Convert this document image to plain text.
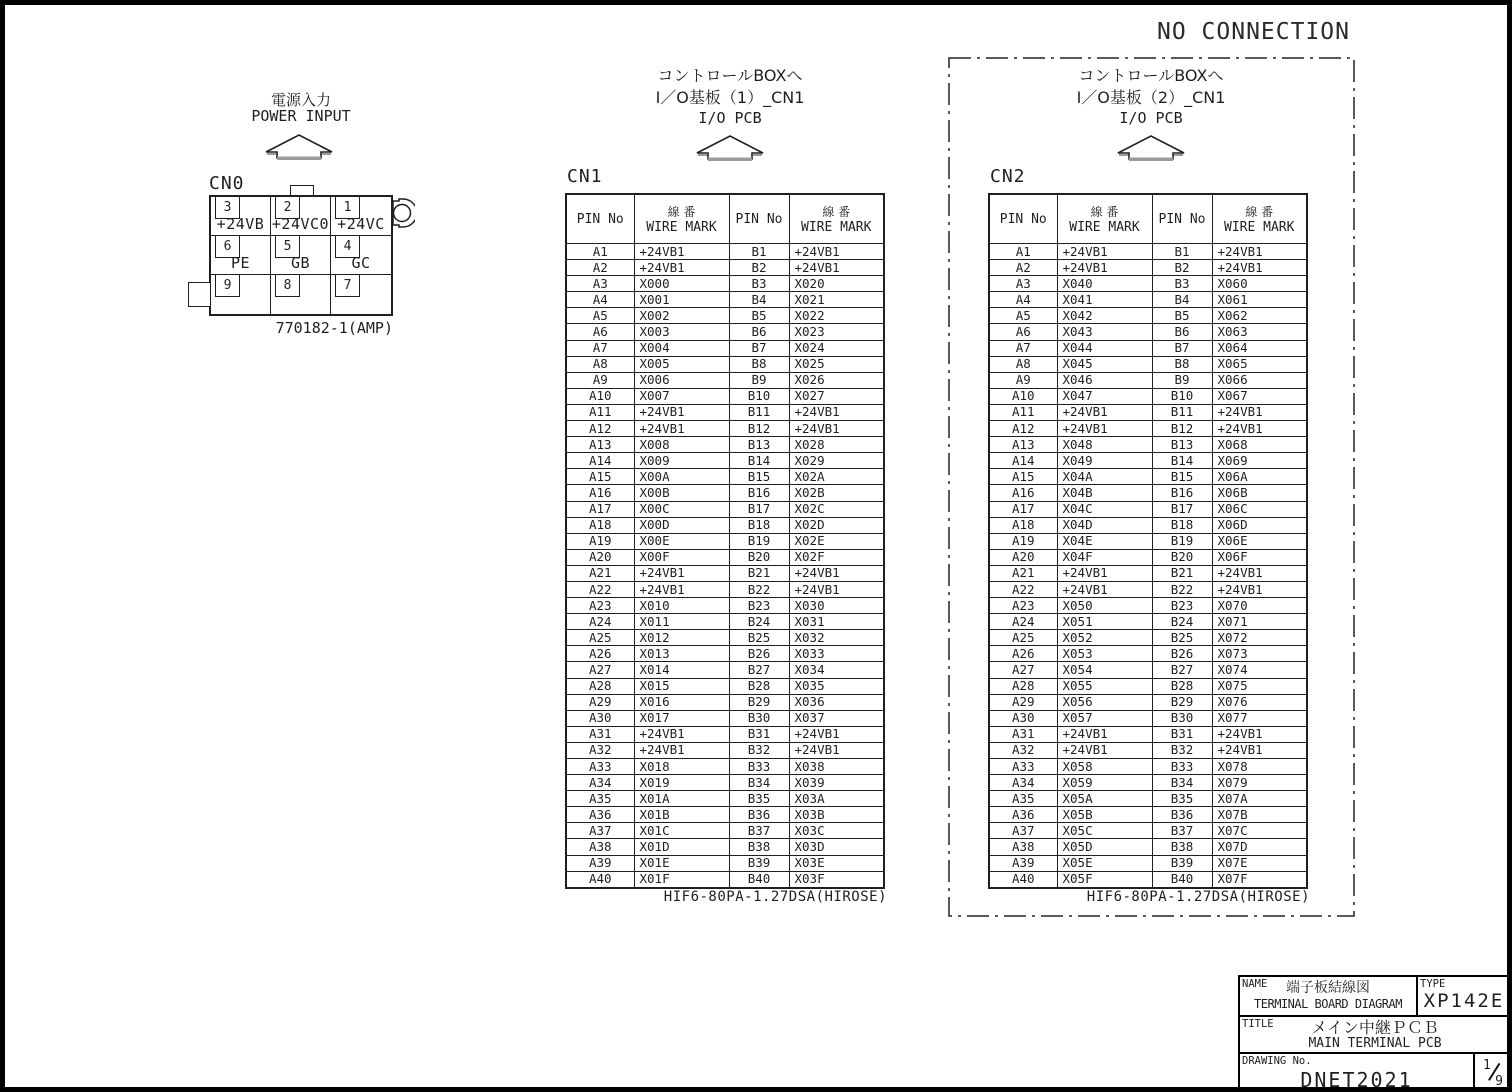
NO CONNECTION
電源入力
POWER INPUT
CN0
3
+24VB
2
+24VC0
1
+24VC
6
PE
5
GB
4
GC
9	8	7
770182-1(AMP)
コントロールBOXへ
I／O基板（1）_CN1
I/O PCB
CN1
PIN No	線 番
WIRE MARK	PIN No	線 番
WIRE MARK

A1	+24VB1	B1	+24VB1
A2	+24VB1	B2	+24VB1
A3	X000	B3	X020
A4	X001	B4	X021
A5	X002	B5	X022
A6	X003	B6	X023
A7	X004	B7	X024
A8	X005	B8	X025
A9	X006	B9	X026
A10	X007	B10	X027
A11	+24VB1	B11	+24VB1
A12	+24VB1	B12	+24VB1
A13	X008	B13	X028
A14	X009	B14	X029
A15	X00A	B15	X02A
A16	X00B	B16	X02B
A17	X00C	B17	X02C
A18	X00D	B18	X02D
A19	X00E	B19	X02E
A20	X00F	B20	X02F
A21	+24VB1	B21	+24VB1
A22	+24VB1	B22	+24VB1
A23	X010	B23	X030
A24	X011	B24	X031
A25	X012	B25	X032
A26	X013	B26	X033
A27	X014	B27	X034
A28	X015	B28	X035
A29	X016	B29	X036
A30	X017	B30	X037
A31	+24VB1	B31	+24VB1
A32	+24VB1	B32	+24VB1
A33	X018	B33	X038
A34	X019	B34	X039
A35	X01A	B35	X03A
A36	X01B	B36	X03B
A37	X01C	B37	X03C
A38	X01D	B38	X03D
A39	X01E	B39	X03E
A40	X01F	B40	X03F
HIF6-80PA-1.27DSA(HIROSE)
コントロールBOXへ
I／O基板（2）_CN1
I/O PCB
CN2
PIN No	線 番
WIRE MARK	PIN No	線 番
WIRE MARK

A1	+24VB1	B1	+24VB1
A2	+24VB1	B2	+24VB1
A3	X040	B3	X060
A4	X041	B4	X061
A5	X042	B5	X062
A6	X043	B6	X063
A7	X044	B7	X064
A8	X045	B8	X065
A9	X046	B9	X066
A10	X047	B10	X067
A11	+24VB1	B11	+24VB1
A12	+24VB1	B12	+24VB1
A13	X048	B13	X068
A14	X049	B14	X069
A15	X04A	B15	X06A
A16	X04B	B16	X06B
A17	X04C	B17	X06C
A18	X04D	B18	X06D
A19	X04E	B19	X06E
A20	X04F	B20	X06F
A21	+24VB1	B21	+24VB1
A22	+24VB1	B22	+24VB1
A23	X050	B23	X070
A24	X051	B24	X071
A25	X052	B25	X072
A26	X053	B26	X073
A27	X054	B27	X074
A28	X055	B28	X075
A29	X056	B29	X076
A30	X057	B30	X077
A31	+24VB1	B31	+24VB1
A32	+24VB1	B32	+24VB1
A33	X058	B33	X078
A34	X059	B34	X079
A35	X05A	B35	X07A
A36	X05B	B36	X07B
A37	X05C	B37	X07C
A38	X05D	B38	X07D
A39	X05E	B39	X07E
A40	X05F	B40	X07F
HIF6-80PA-1.27DSA(HIROSE)
NAME	端子板結線図
TERMINAL BOARD DIAGRAM
TYPE
XP142E
TITLE	メイン中継ＰＣＢ
MAIN TERMINAL PCB
DRAWING No.
DNET2021
1
9
